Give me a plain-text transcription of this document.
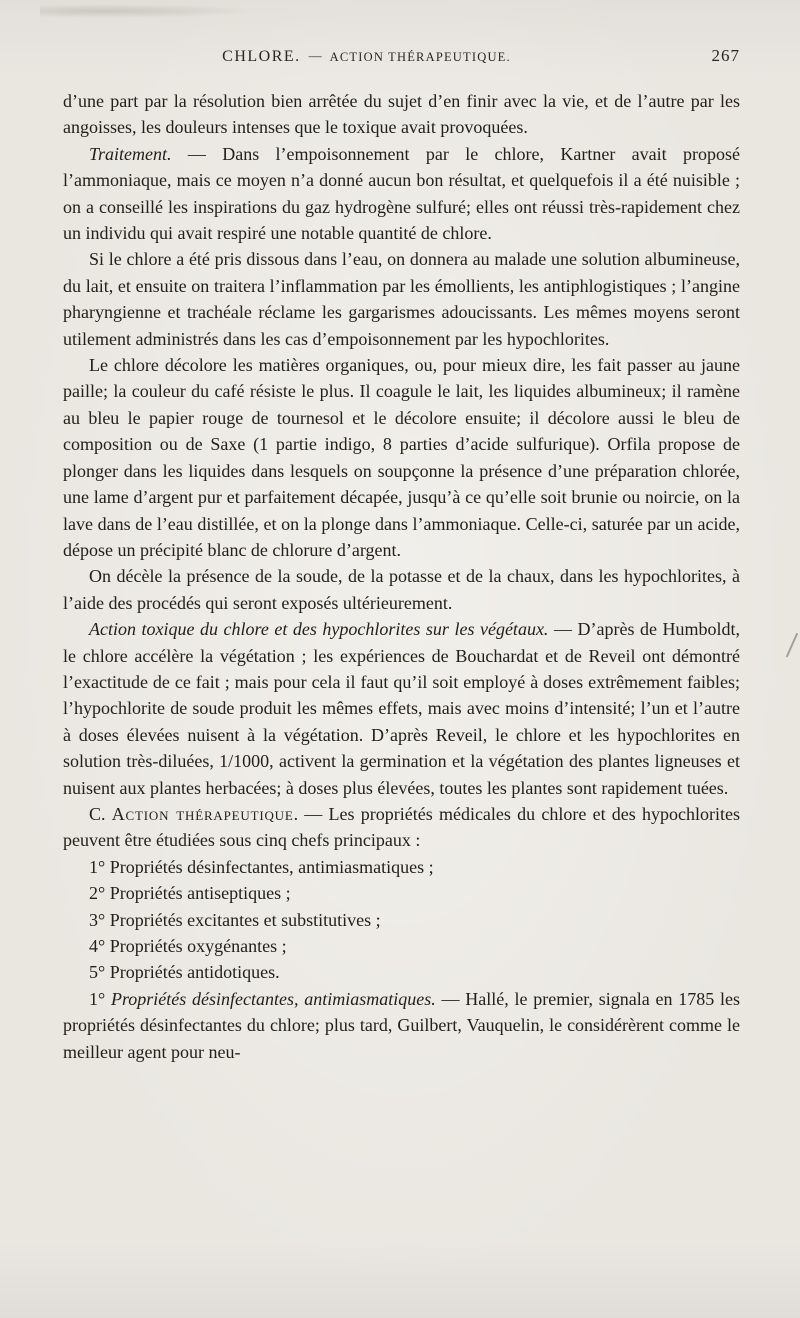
CHLORE. — ACTION THÉRAPEUTIQUE.	267

d’une part par la résolution bien arrêtée du sujet d’en finir avec la vie, et de l’autre par les angoisses, les douleurs intenses que le toxique avait provoquées.

Traitement. — Dans l’empoisonnement par le chlore, Kartner avait proposé l’ammoniaque, mais ce moyen n’a donné aucun bon résultat, et quelquefois il a été nuisible ; on a conseillé les inspirations du gaz hydrogène sulfuré; elles ont réussi très-rapidement chez un individu qui avait respiré une notable quantité de chlore.

Si le chlore a été pris dissous dans l’eau, on donnera au malade une solution albumineuse, du lait, et ensuite on traitera l’inflammation par les émollients, les antiphlogistiques ; l’angine pharyngienne et trachéale réclame les gargarismes adoucissants. Les mêmes moyens seront utilement administrés dans les cas d’empoisonnement par les hypochlorites.

Le chlore décolore les matières organiques, ou, pour mieux dire, les fait passer au jaune paille; la couleur du café résiste le plus. Il coagule le lait, les liquides albumineux; il ramène au bleu le papier rouge de tournesol et le décolore ensuite; il décolore aussi le bleu de composition ou de Saxe (1 partie indigo, 8 parties d’acide sulfurique). Orfila propose de plonger dans les liquides dans lesquels on soupçonne la présence d’une préparation chlorée, une lame d’argent pur et parfaitement décapée, jusqu’à ce qu’elle soit brunie ou noircie, on la lave dans de l’eau distillée, et on la plonge dans l’ammoniaque. Celle-ci, saturée par un acide, dépose un précipité blanc de chlorure d’argent.

On décèle la présence de la soude, de la potasse et de la chaux, dans les hypochlorites, à l’aide des procédés qui seront exposés ultérieurement.

Action toxique du chlore et des hypochlorites sur les végétaux. — D’après de Humboldt, le chlore accélère la végétation ; les expériences de Bouchardat et de Reveil ont démontré l’exactitude de ce fait ; mais pour cela il faut qu’il soit employé à doses extrêmement faibles; l’hypochlorite de soude produit les mêmes effets, mais avec moins d’intensité; l’un et l’autre à doses élevées nuisent à la végétation. D’après Reveil, le chlore et les hypochlorites en solution très-diluées, 1/1000, activent la germination et la végétation des plantes ligneuses et nuisent aux plantes herbacées; à doses plus élevées, toutes les plantes sont rapidement tuées.

C. Action thérapeutique. — Les propriétés médicales du chlore et des hypochlorites peuvent être étudiées sous cinq chefs principaux :

1° Propriétés désinfectantes, antimiasmatiques ;

2° Propriétés antiseptiques ;

3° Propriétés excitantes et substitutives ;

4° Propriétés oxygénantes ;

5° Propriétés antidotiques.

1° Propriétés désinfectantes, antimiasmatiques. — Hallé, le premier, signala en 1785 les propriétés désinfectantes du chlore; plus tard, Guilbert, Vauquelin, le considérèrent comme le meilleur agent pour neu-
